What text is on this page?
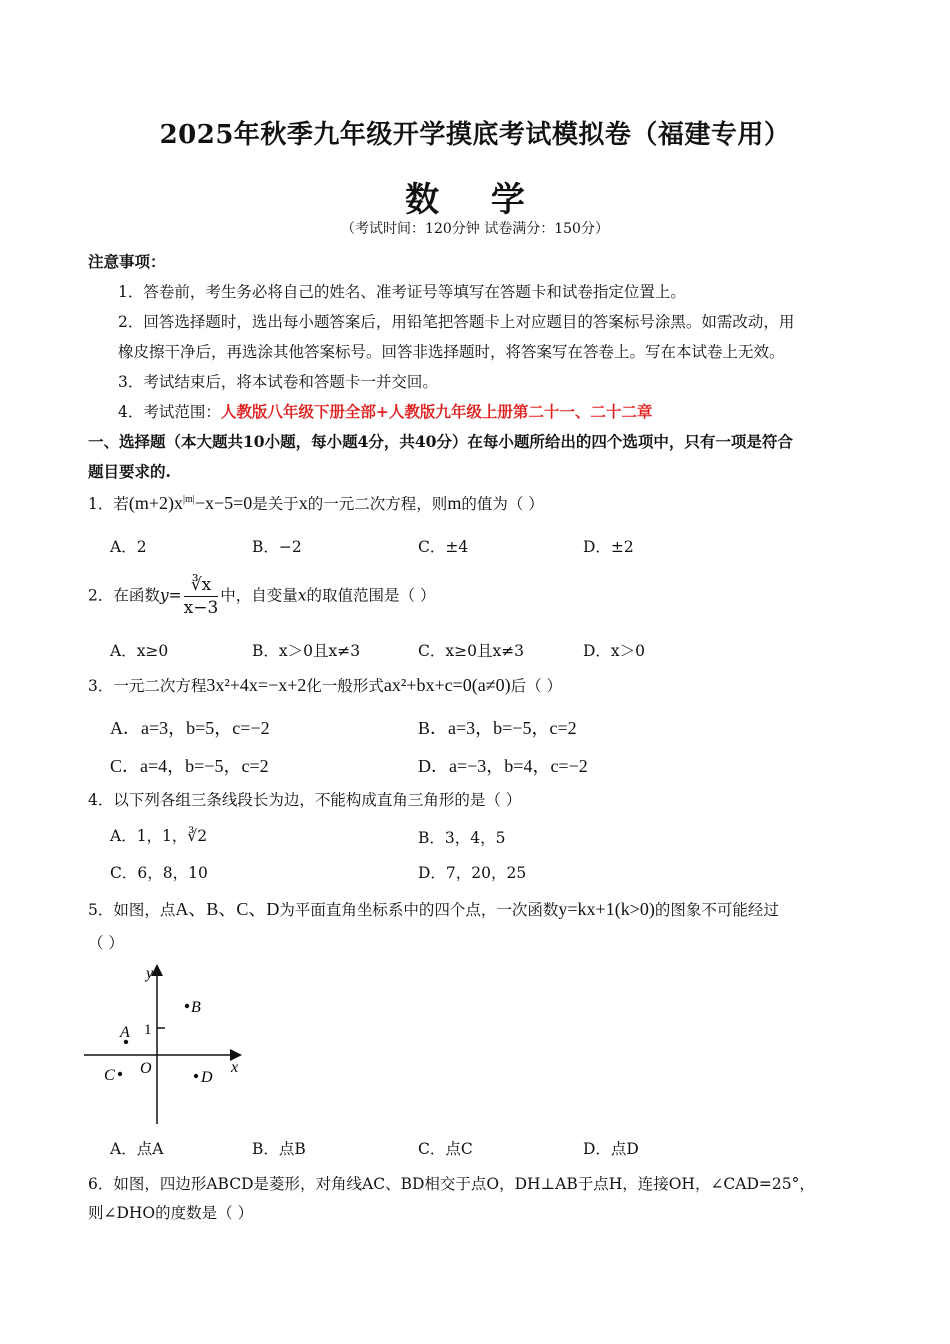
2025年秋季九年级开学摸底考试模拟卷（福建专用）
数 学
（考试时间：120分钟 试卷满分：150分）
注意事项：
1．答卷前，考生务必将自己的姓名、准考证号等填写在答题卡和试卷指定位置上。
2．回答选择题时，选出每小题答案后，用铅笔把答题卡上对应题目的答案标号涂黑。如需改动，用
橡皮擦干净后，再选涂其他答案标号。回答非选择题时，将答案写在答卷上。写在本试卷上无效。
3．考试结束后，将本试卷和答题卡一并交回。
4．考试范围：人教版八年级下册全部+人教版九年级上册第二十一、二十二章
一、选择题（本大题共10小题，每小题4分，共40分）在每小题所给出的四个选项中，只有一项是符合
题目要求的.
1．若$(m+2)x^{|m|}-x-5=0$是关于x的一元二次方程，则m的值为（ ）
A．2	B．−2	C．±4	D．±2
2．在函数$y= \frac{∛x}{x-3}$ 中，自变量x的取值范围是（ ）
A．x≥0	B．x＞0且x≠3	C．x≥0且x≠3	D．x＞0
3．一元二次方程3x²+4x=−x+2化一般形式ax²+bx+c=0(a≠0)后（ ）
A．a=3，b=5，c=−2	B．a=3，b=−5，c=2
C．a=4，b=−5，c=2	D．a=−3，b=4，c=−2
4．以下列各组三条线段长为边，不能构成直角三角形的是（ ）
A．1，1，∛2	B．3，4，5
C．6，8，10	D．7，20，25
5．如图，点A、B、C、D为平面直角坐标系中的四个点，一次函数y=kx+1(k>0)的图象不可能经过
（ ）
1
y
x
O
B
A
C	D
A．点A	B．点B	C．点C	D．点D
6．如图，四边形ABCD是菱形，对角线AC、BD相交于点O，DH⊥AB于点H，连接OH，∠CAD=25°，
则∠DHO的度数是（ ）
